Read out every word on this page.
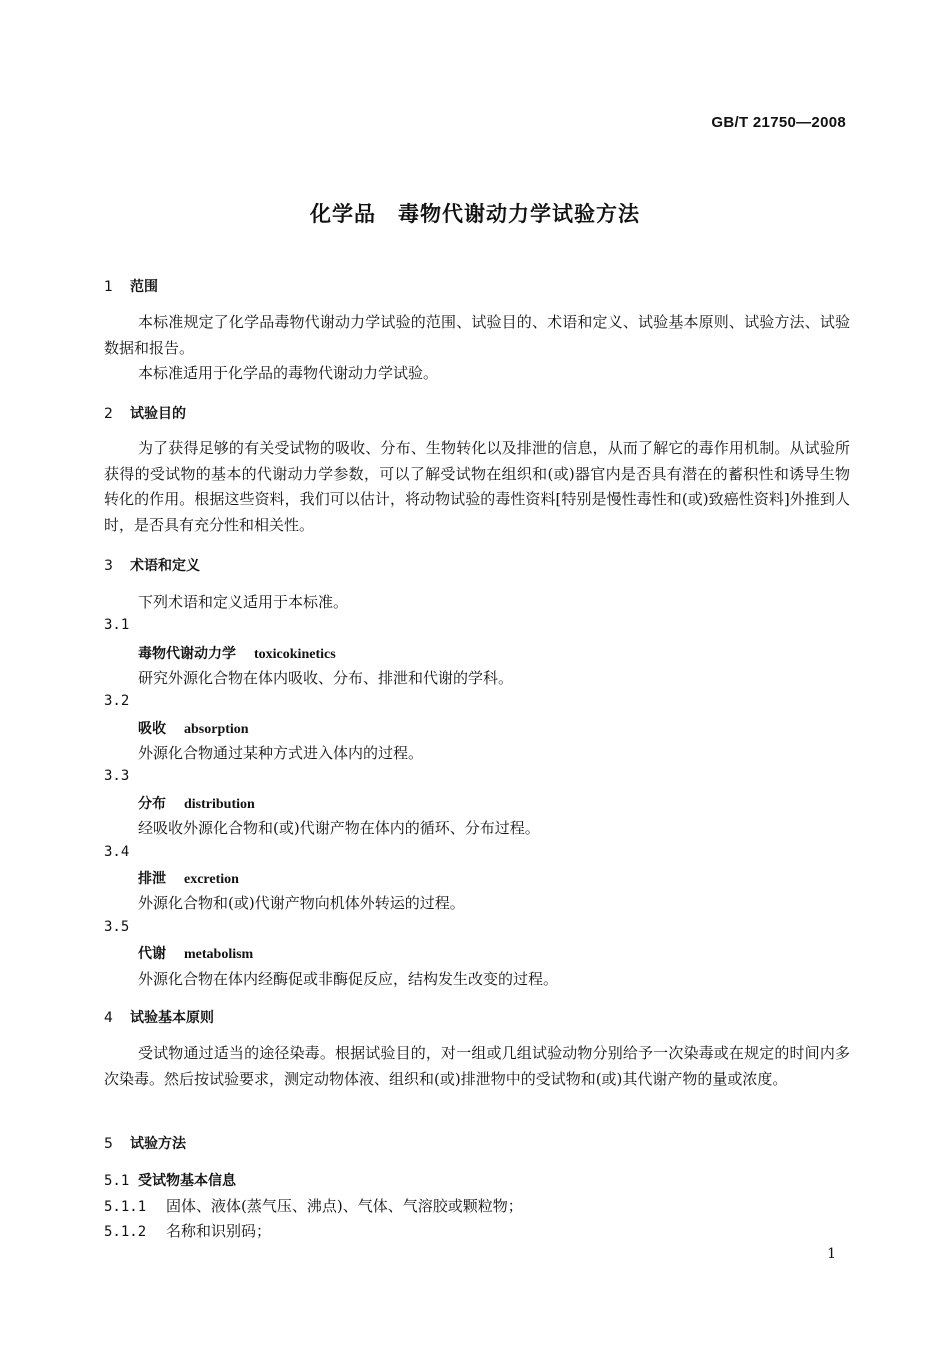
GB/T 21750—2008
化学品　毒物代谢动力学试验方法
1 范围
本标准规定了化学品毒物代谢动力学试验的范围、试验目的、术语和定义、试验基本原则、试验方法、试验数据和报告。
本标准适用于化学品的毒物代谢动力学试验。
2 试验目的
为了获得足够的有关受试物的吸收、分布、生物转化以及排泄的信息，从而了解它的毒作用机制。从试验所获得的受试物的基本的代谢动力学参数，可以了解受试物在组织和(或)器官内是否具有潜在的蓄积性和诱导生物转化的作用。根据这些资料，我们可以估计，将动物试验的毒性资料[特别是慢性毒性和(或)致癌性资料]外推到人时，是否具有充分性和相关性。
3 术语和定义
下列术语和定义适用于本标准。
3.1
毒物代谢动力学 toxicokinetics
研究外源化合物在体内吸收、分布、排泄和代谢的学科。
3.2
吸收 absorption
外源化合物通过某种方式进入体内的过程。
3.3
分布 distribution
经吸收外源化合物和(或)代谢产物在体内的循环、分布过程。
3.4
排泄 excretion
外源化合物和(或)代谢产物向机体外转运的过程。
3.5
代谢 metabolism
外源化合物在体内经酶促或非酶促反应，结构发生改变的过程。
4 试验基本原则
受试物通过适当的途径染毒。根据试验目的，对一组或几组试验动物分别给予一次染毒或在规定的时间内多次染毒。然后按试验要求，测定动物体液、组织和(或)排泄物中的受试物和(或)其代谢产物的量或浓度。
5 试验方法
5.1 受试物基本信息
5.1.1 固体、液体(蒸气压、沸点)、气体、气溶胶或颗粒物；
5.1.2 名称和识别码；
1
